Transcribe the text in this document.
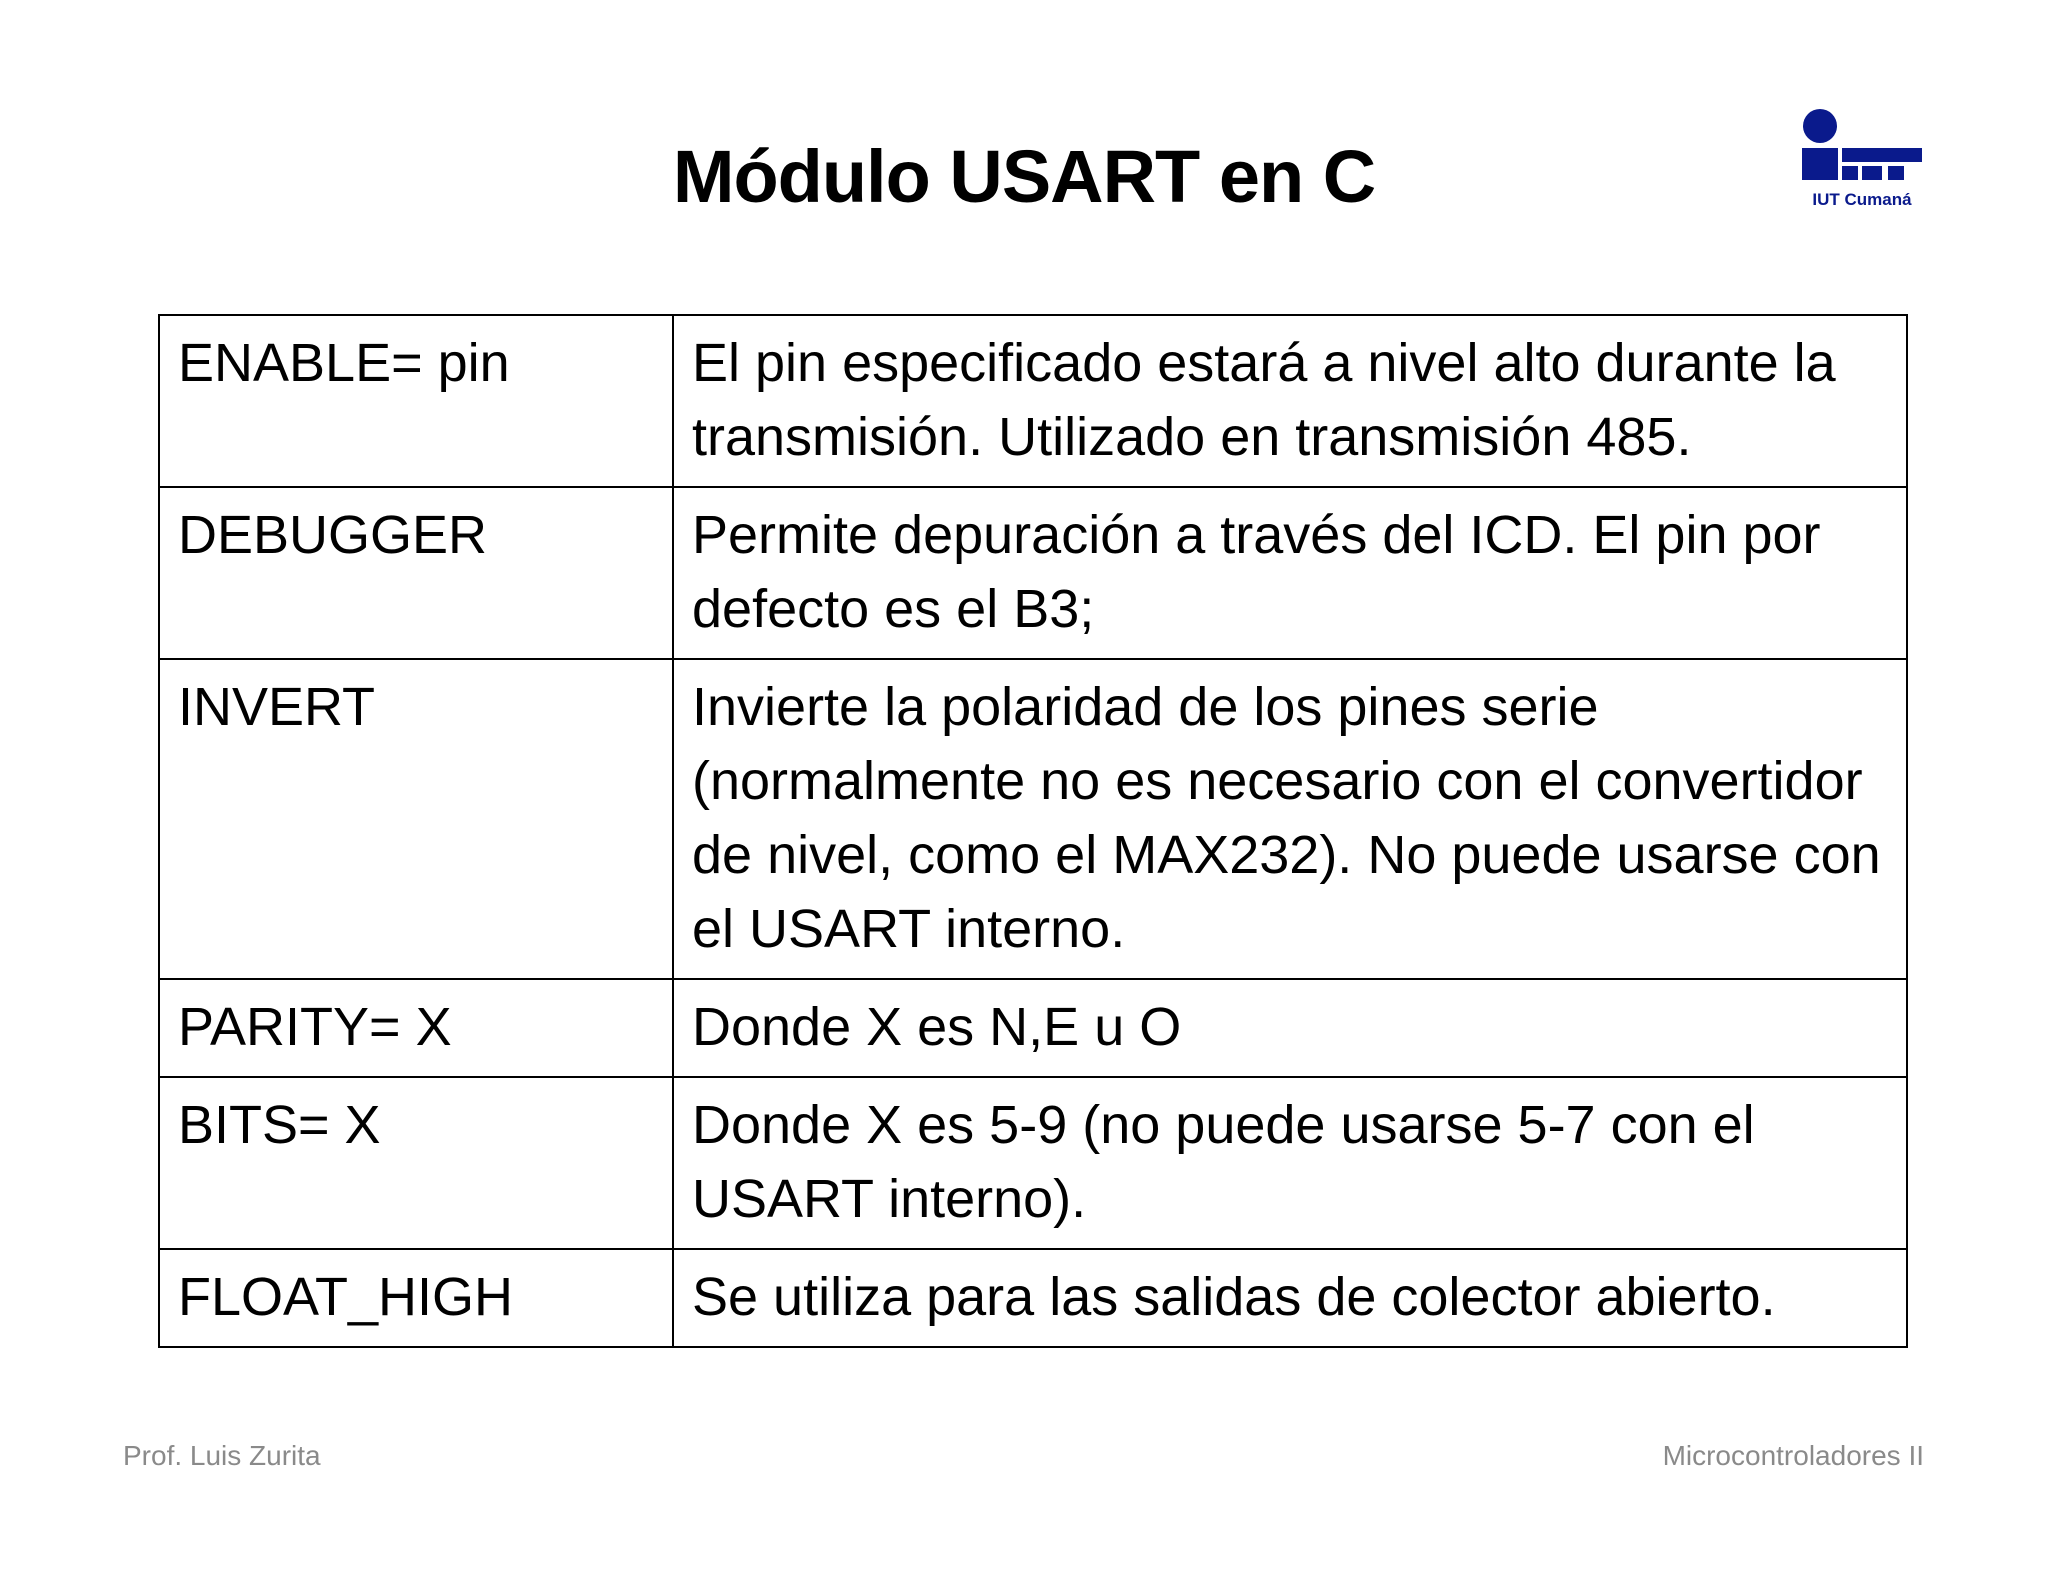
Módulo USART en C	IUT Cumaná
ENABLE= pin	El pin especificado estará a nivel alto durante la transmisión. Utilizado en transmisión 485.
DEBUGGER	Permite depuración a través del ICD. El pin por defecto es el B3;
INVERT	Invierte la polaridad de los pines serie (normalmente no es necesario con el convertidor de nivel, como el MAX232). No puede usarse con el USART interno.
PARITY= X	Donde X es N,E u O
BITS= X	Donde X es 5-9 (no puede usarse 5-7 con el USART interno).
FLOAT_HIGH	Se utiliza para las salidas de colector abierto.
Prof. Luis Zurita	Microcontroladores II
